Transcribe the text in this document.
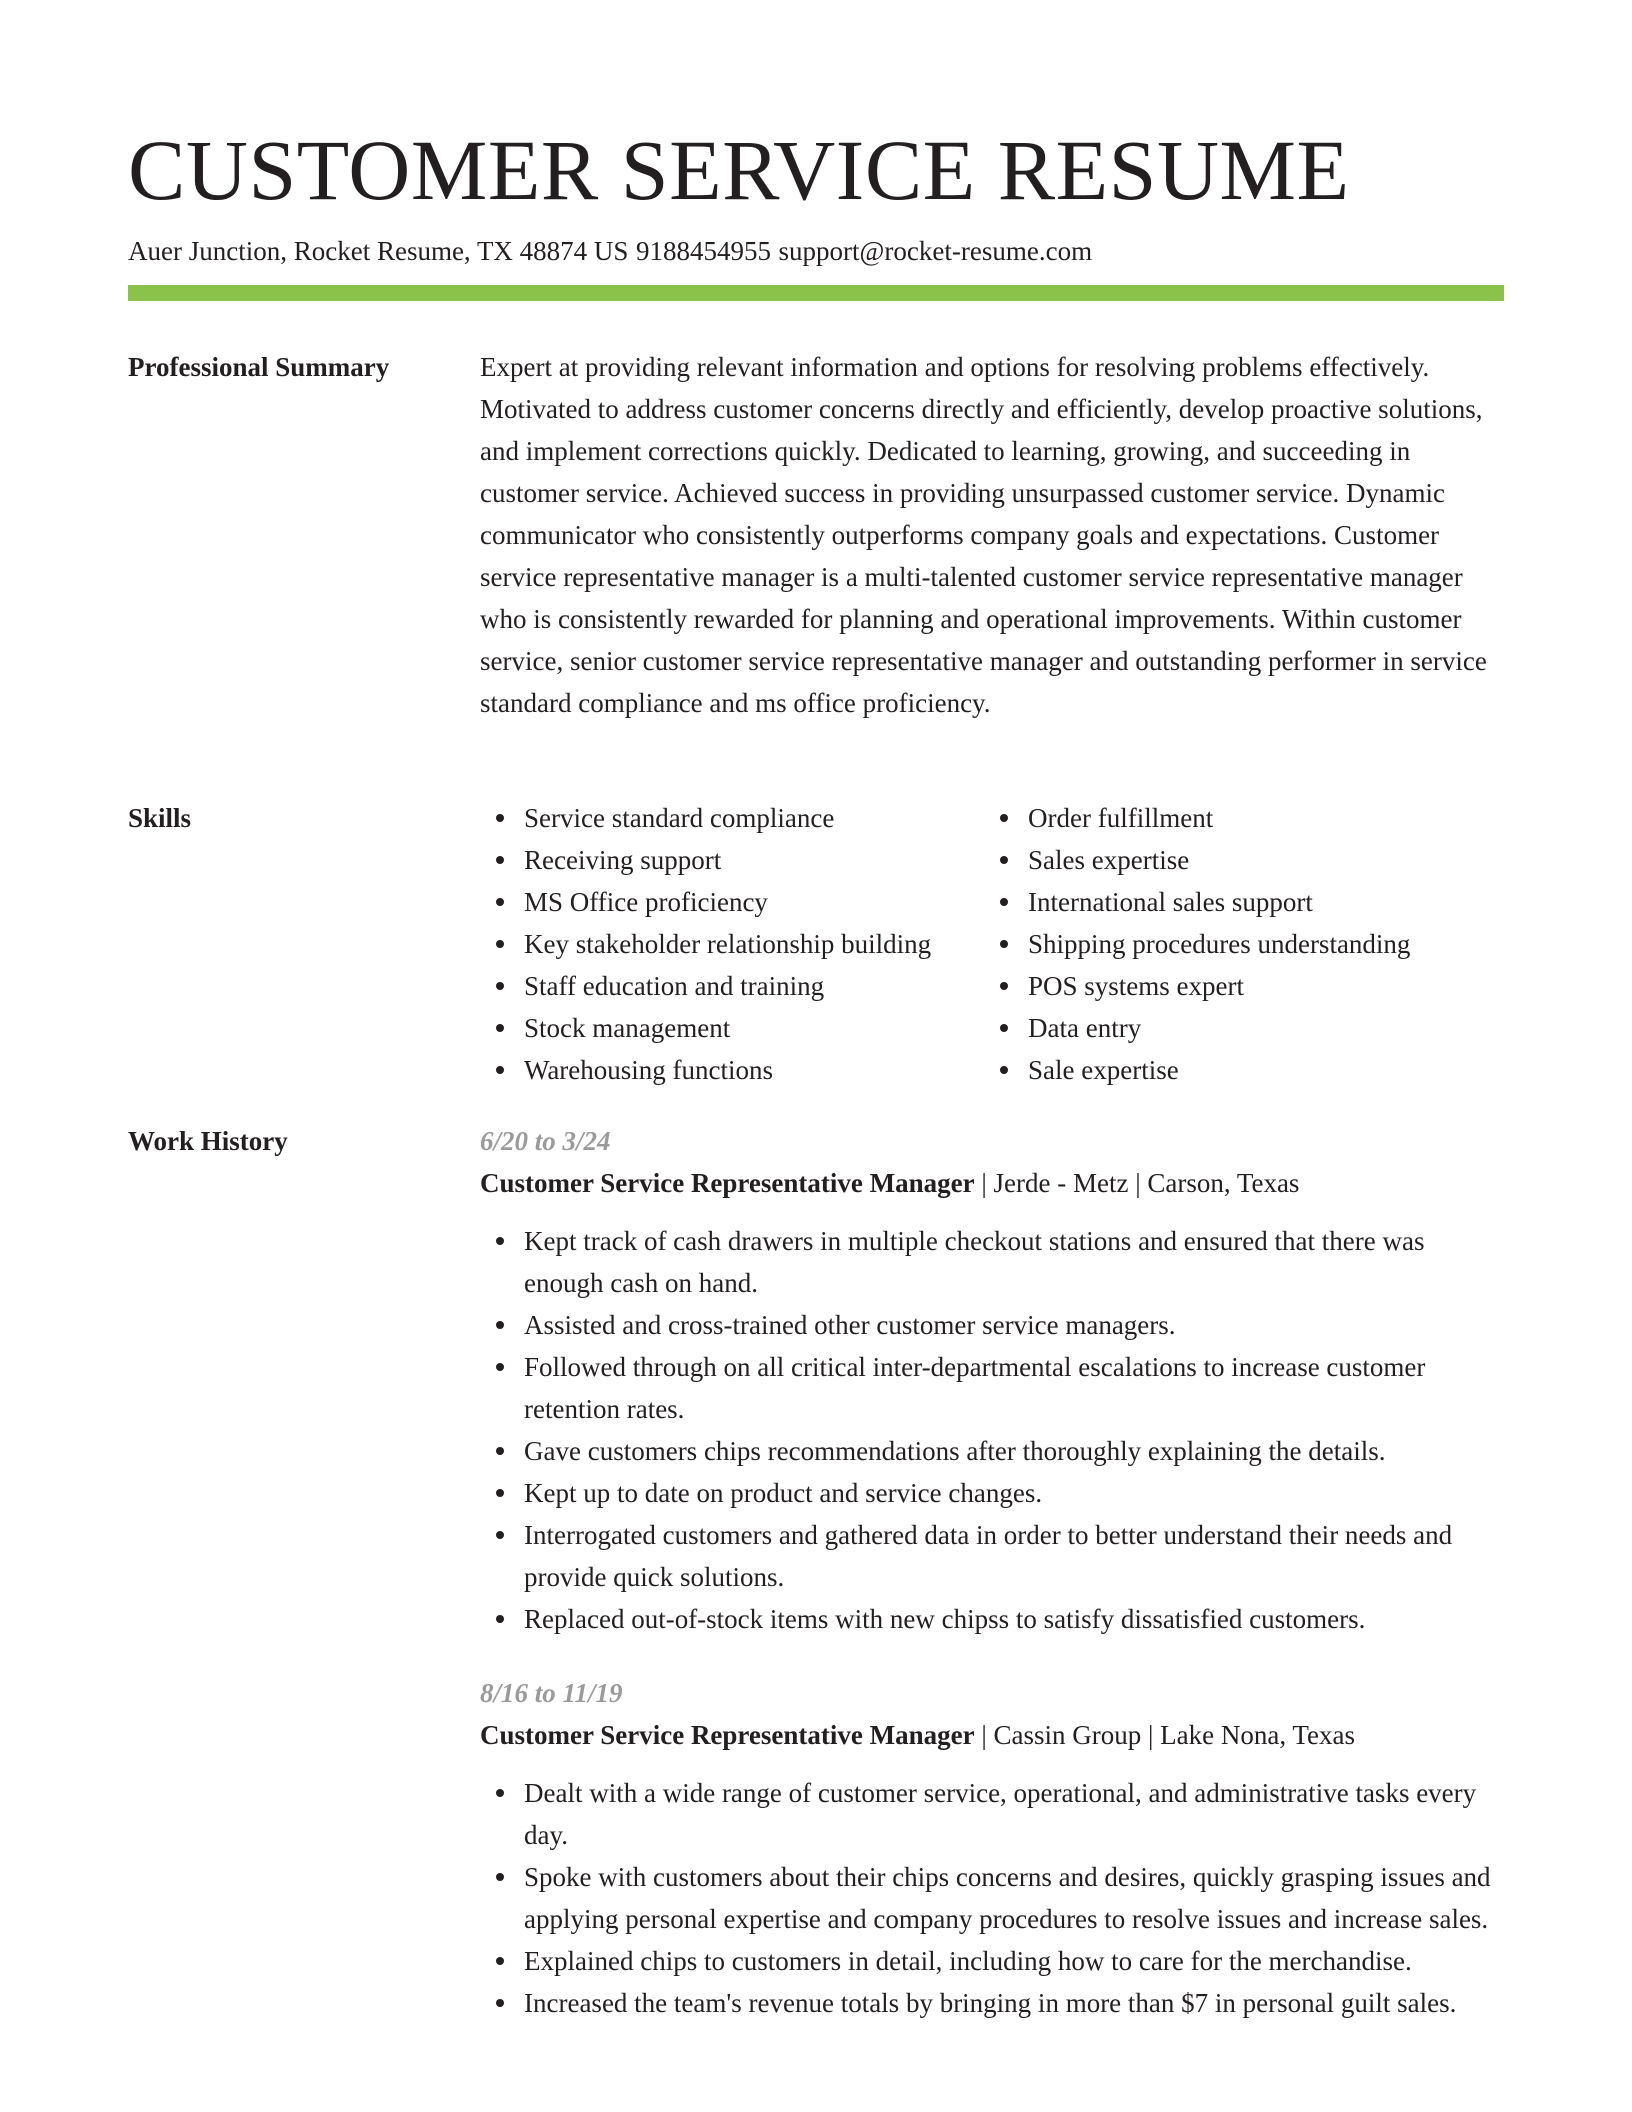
CUSTOMER SERVICE RESUME
Auer Junction, Rocket Resume, TX 48874 US 9188454955 support@rocket-resume.com
Professional Summary	Expert at providing relevant information and options for resolving problems effectively. Motivated to address customer concerns directly and efficiently, develop proactive solutions, and implement corrections quickly. Dedicated to learning, growing, and succeeding in customer service. Achieved success in providing unsurpassed customer service. Dynamic communicator who consistently outperforms company goals and expectations. Customer service representative manager is a multi-talented customer service representative manager who is consistently rewarded for planning and operational improvements. Within customer service, senior customer service representative manager and outstanding performer in service standard compliance and ms office proficiency.

Skills	Service standard compliance
Receiving support
MS Office proficiency
Key stakeholder relationship building
Staff education and training
Stock management
Warehousing functions
Order fulfillment
Sales expertise
International sales support
Shipping procedures understanding
POS systems expert
Data entry
Sale expertise
Work History	6/20 to 3/24
Customer Service Representative Manager | Jerde - Metz | Carson, Texas
Kept track of cash drawers in multiple checkout stations and ensured that there was enough cash on hand.
Assisted and cross-trained other customer service managers.
Followed through on all critical inter-departmental escalations to increase customer retention rates.
Gave customers chips recommendations after thoroughly explaining the details.
Kept up to date on product and service changes.
Interrogated customers and gathered data in order to better understand their needs and provide quick solutions.
Replaced out-of-stock items with new chipss to satisfy dissatisfied customers.
8/16 to 11/19
Customer Service Representative Manager | Cassin Group | Lake Nona, Texas
Dealt with a wide range of customer service, operational, and administrative tasks every day.
Spoke with customers about their chips concerns and desires, quickly grasping issues and applying personal expertise and company procedures to resolve issues and increase sales.
Explained chips to customers in detail, including how to care for the merchandise.
Increased the team's revenue totals by bringing in more than $7 in personal guilt sales.
